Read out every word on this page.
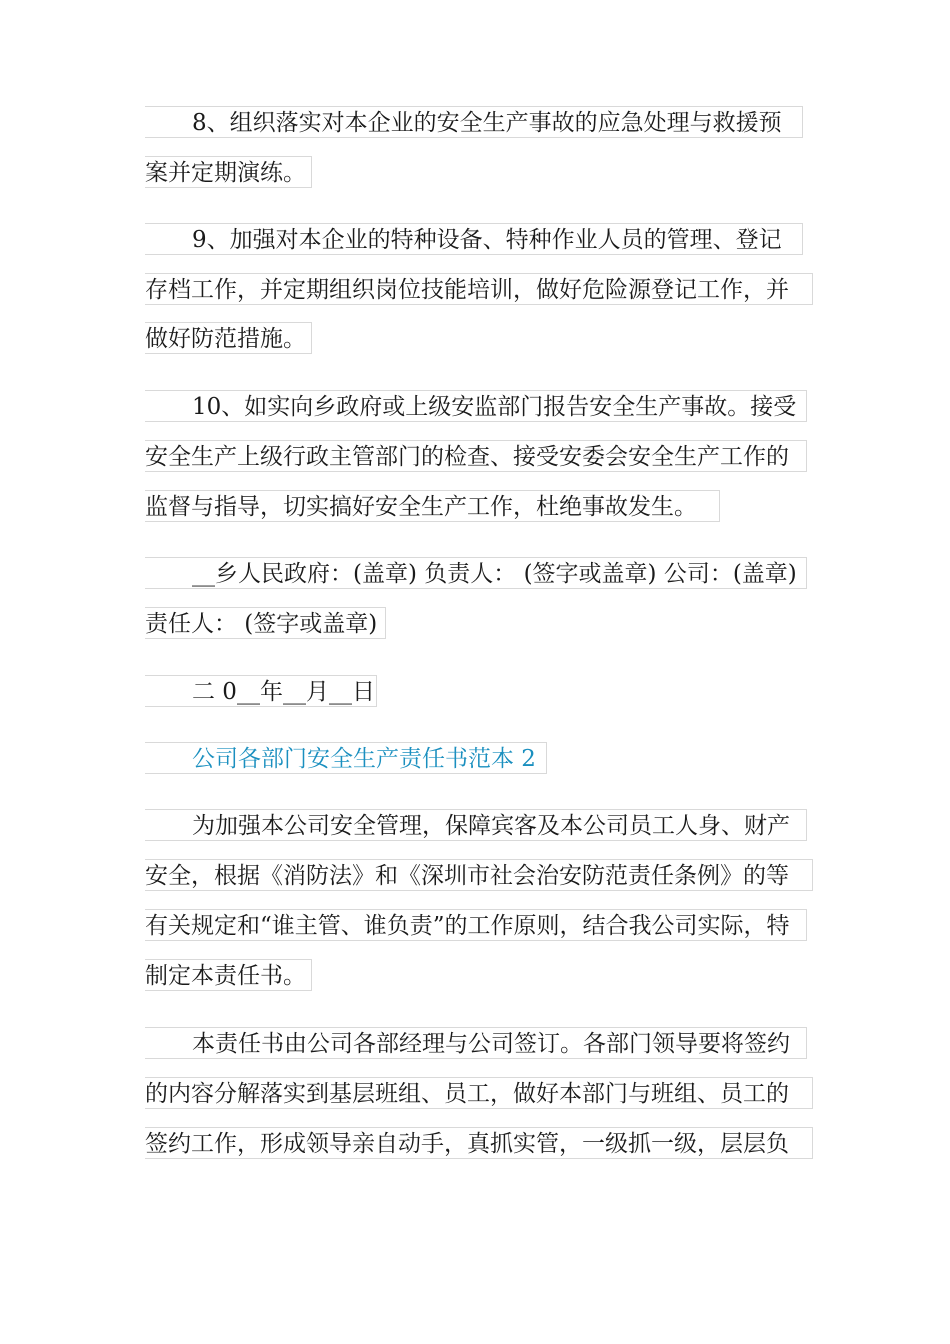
8、组织落实对本企业的安全生产事故的应急处理与救援预
案并定期演练。
9、加强对本企业的特种设备、特种作业人员的管理、登记
存档工作，并定期组织岗位技能培训，做好危险源登记工作，并
做好防范措施。
10、如实向乡政府或上级安监部门报告安全生产事故。接受
安全生产上级行政主管部门的检查、接受安委会安全生产工作的
监督与指导，切实搞好安全生产工作，杜绝事故发生。
__乡人民政府：(盖章) 负责人： (签字或盖章) 公司：(盖章)
责任人： (签字或盖章)
二 0__年__月__日
公司各部门安全生产责任书范本 2
为加强本公司安全管理，保障宾客及本公司员工人身、财产
安全，根据《消防法》和《深圳市社会治安防范责任条例》的等
有关规定和“谁主管、谁负责”的工作原则，结合我公司实际，特
制定本责任书。
本责任书由公司各部经理与公司签订。各部门领导要将签约
的内容分解落实到基层班组、员工，做好本部门与班组、员工的
签约工作，形成领导亲自动手，真抓实管，一级抓一级，层层负
